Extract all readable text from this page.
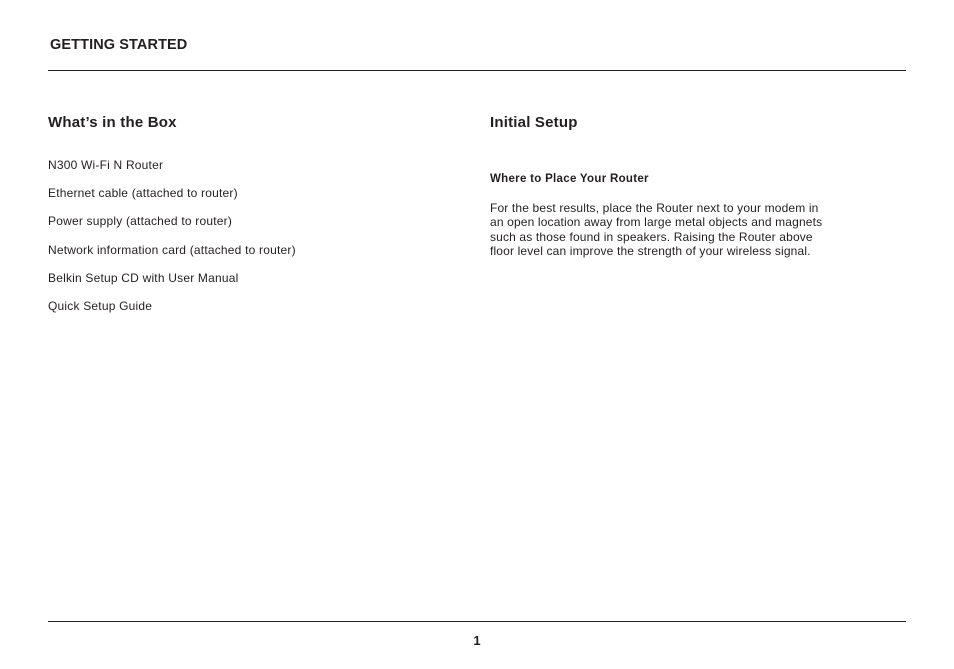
GETTING STARTED
What’s in the Box
N300 Wi-Fi N Router
Ethernet cable (attached to router)
Power supply (attached to router)
Network information card (attached to router)
Belkin Setup CD with User Manual
Quick Setup Guide
Initial Setup
Where to Place Your Router

For the best results, place the Router next to your modem in
an open location away from large metal objects and magnets
such as those found in speakers. Raising the Router above
floor level can improve the strength of your wireless signal.

1
